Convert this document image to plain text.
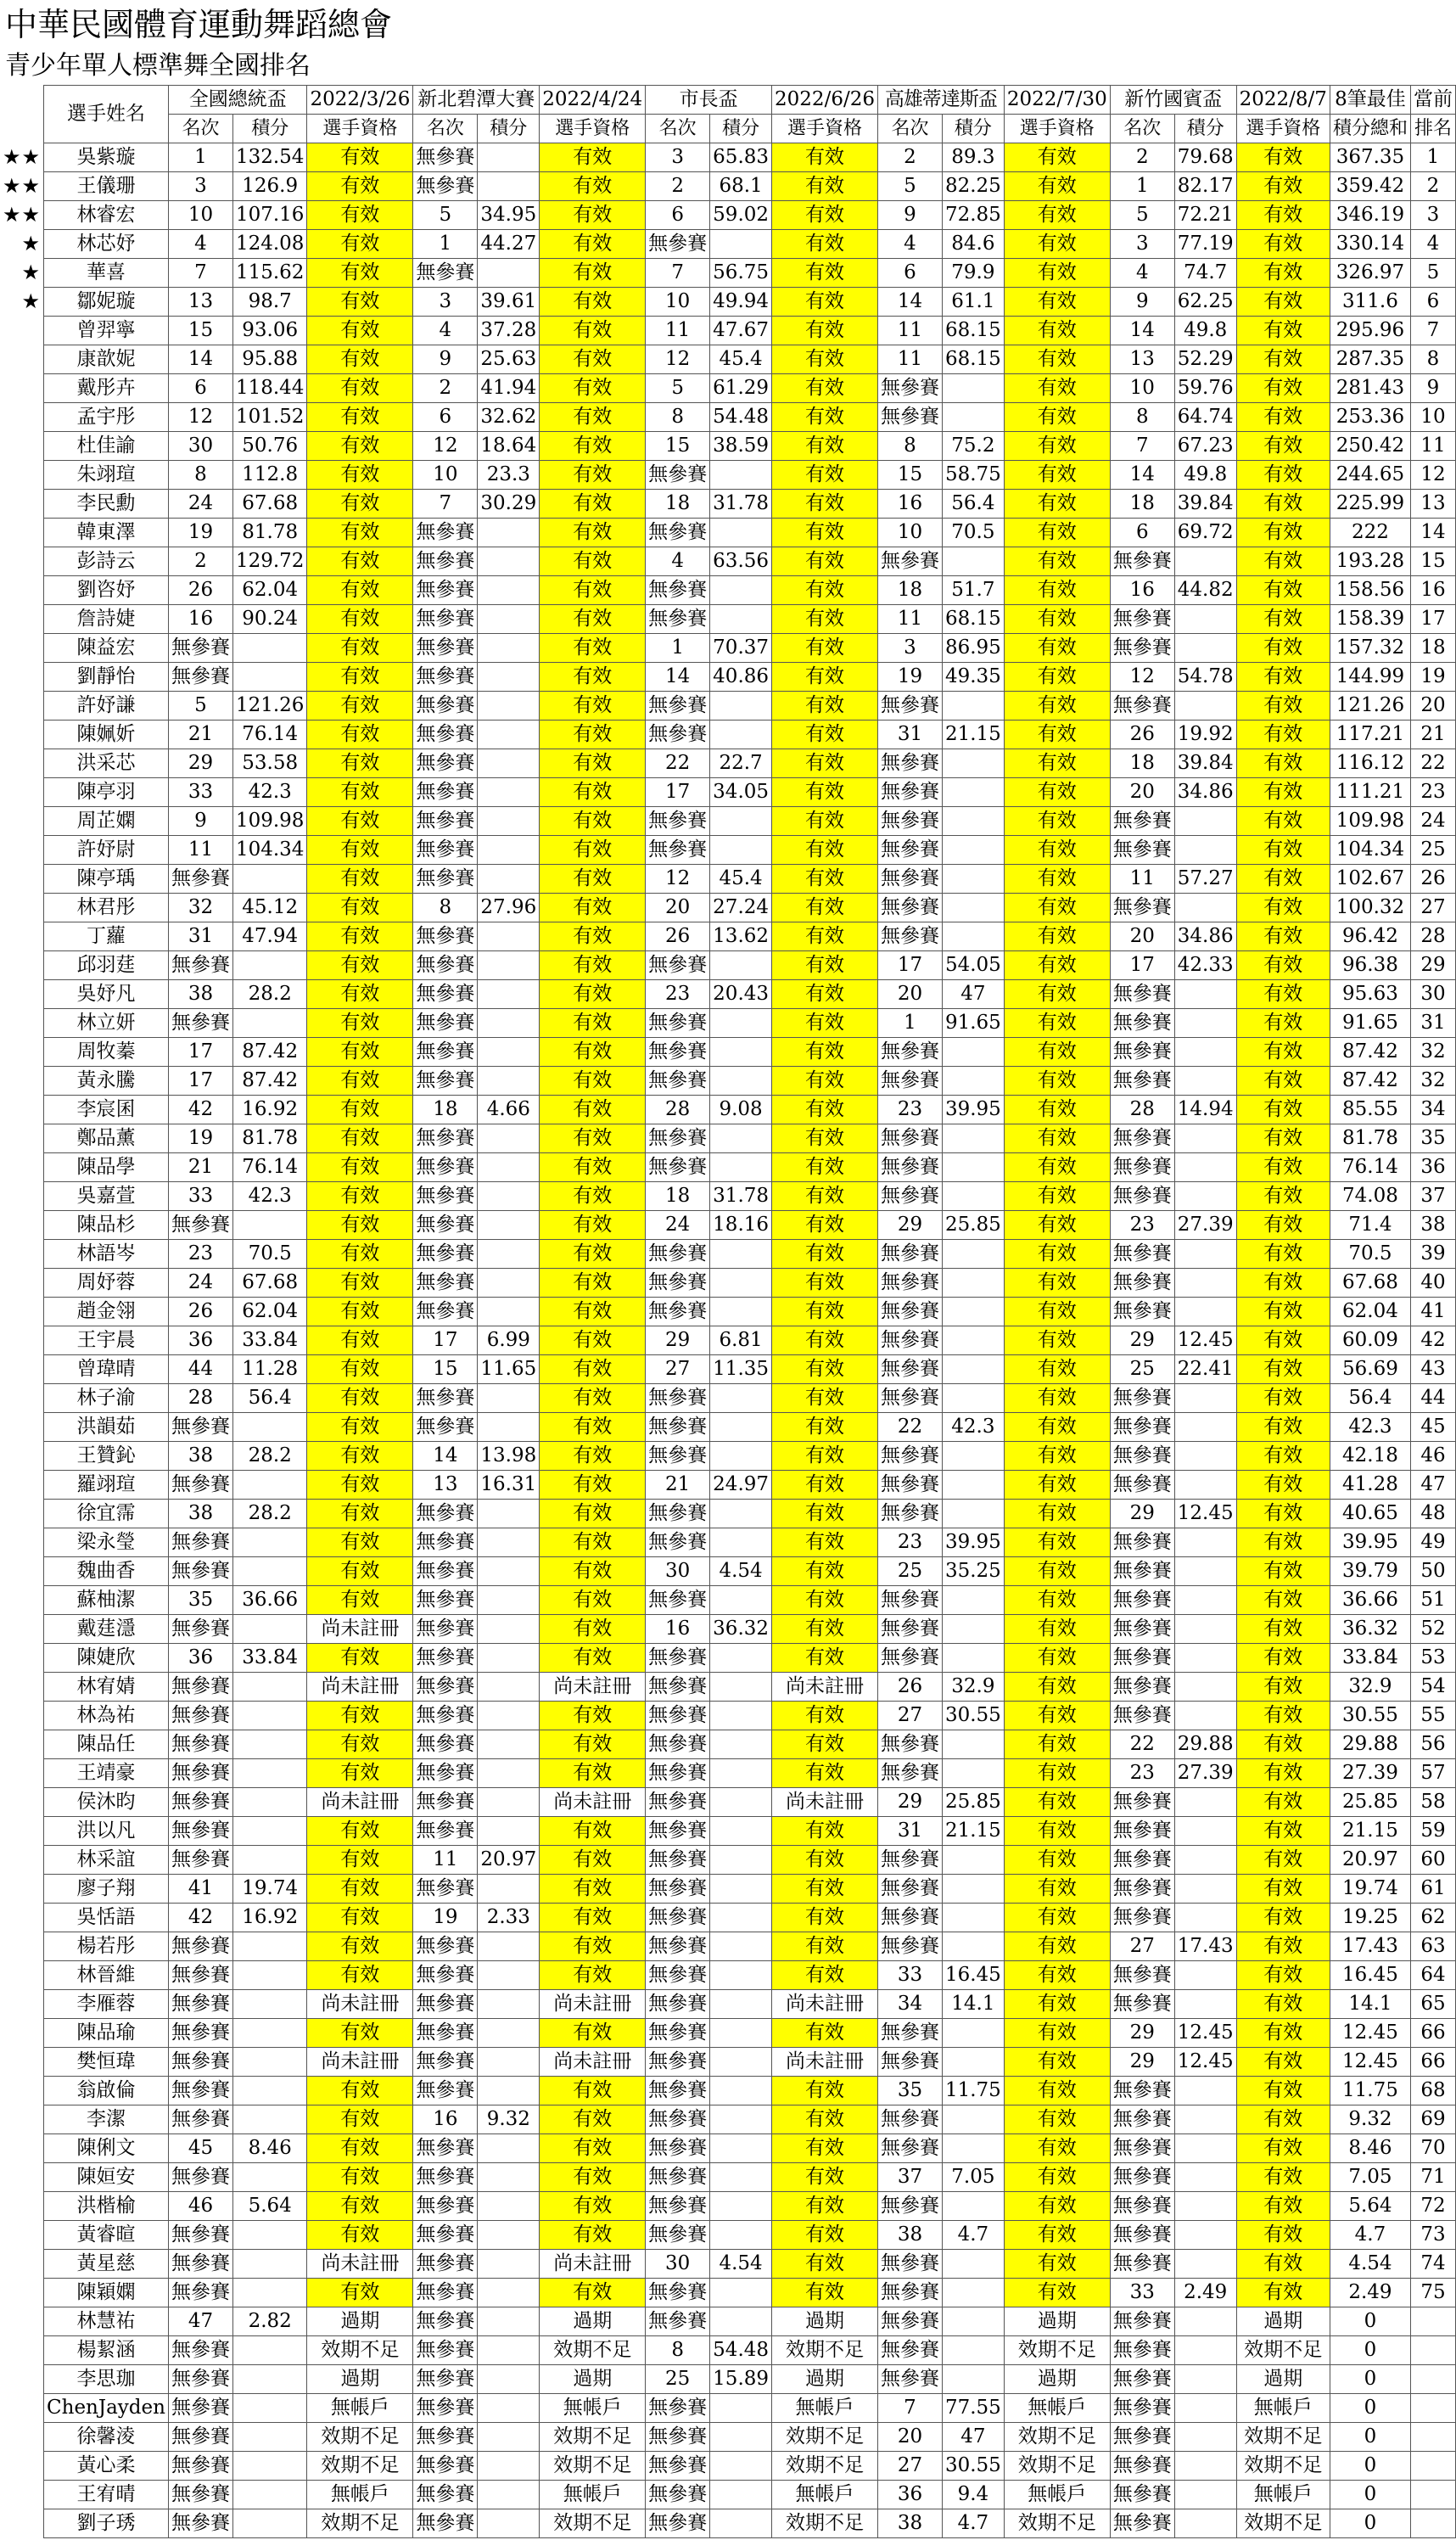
中華民國體育運動舞蹈總會
青少年單人標準舞全國排名
	選手姓名	全國總統盃		2022/3/26	新北碧潭大賽		2022/4/24	市長盃		2022/6/26	高雄蒂達斯盃		2022/7/30	新竹國賓盃		2022/8/7	8筆最佳	當前
		名次	積分	選手資格	名次	積分	選手資格	名次	積分	選手資格	名次	積分	選手資格	名次	積分	選手資格	積分總和	排名
★★	吳紫璇	1	132.54	有效	無參賽		有效	3	65.83	有效	2	89.3	有效	2	79.68	有效	367.35	1
★★	王儀珊	3	126.9	有效	無參賽		有效	2	68.1	有效	5	82.25	有效	1	82.17	有效	359.42	2
★★	林睿宏	10	107.16	有效	5	34.95	有效	6	59.02	有效	9	72.85	有效	5	72.21	有效	346.19	3
★	林芯妤	4	124.08	有效	1	44.27	有效	無參賽		有效	4	84.6	有效	3	77.19	有效	330.14	4
★	華喜	7	115.62	有效	無參賽		有效	7	56.75	有效	6	79.9	有效	4	74.7	有效	326.97	5
★	鄒妮璇	13	98.7	有效	3	39.61	有效	10	49.94	有效	14	61.1	有效	9	62.25	有效	311.6	6
	曾羿寧	15	93.06	有效	4	37.28	有效	11	47.67	有效	11	68.15	有效	14	49.8	有效	295.96	7
	康歆妮	14	95.88	有效	9	25.63	有效	12	45.4	有效	11	68.15	有效	13	52.29	有效	287.35	8
	戴彤卉	6	118.44	有效	2	41.94	有效	5	61.29	有效	無參賽		有效	10	59.76	有效	281.43	9
	孟宇彤	12	101.52	有效	6	32.62	有效	8	54.48	有效	無參賽		有效	8	64.74	有效	253.36	10
	杜佳諭	30	50.76	有效	12	18.64	有效	15	38.59	有效	8	75.2	有效	7	67.23	有效	250.42	11
	朱翊瑄	8	112.8	有效	10	23.3	有效	無參賽		有效	15	58.75	有效	14	49.8	有效	244.65	12
	李民勳	24	67.68	有效	7	30.29	有效	18	31.78	有效	16	56.4	有效	18	39.84	有效	225.99	13
	韓東澤	19	81.78	有效	無參賽		有效	無參賽		有效	10	70.5	有效	6	69.72	有效	222	14
	彭詩云	2	129.72	有效	無參賽		有效	4	63.56	有效	無參賽		有效	無參賽		有效	193.28	15
	劉咨妤	26	62.04	有效	無參賽		有效	無參賽		有效	18	51.7	有效	16	44.82	有效	158.56	16
	詹詩婕	16	90.24	有效	無參賽		有效	無參賽		有效	11	68.15	有效	無參賽		有效	158.39	17
	陳益宏	無參賽		有效	無參賽		有效	1	70.37	有效	3	86.95	有效	無參賽		有效	157.32	18
	劉靜怡	無參賽		有效	無參賽		有效	14	40.86	有效	19	49.35	有效	12	54.78	有效	144.99	19
	許妤謙	5	121.26	有效	無參賽		有效	無參賽		有效	無參賽		有效	無參賽		有效	121.26	20
	陳姵妡	21	76.14	有效	無參賽		有效	無參賽		有效	31	21.15	有效	26	19.92	有效	117.21	21
	洪采芯	29	53.58	有效	無參賽		有效	22	22.7	有效	無參賽		有效	18	39.84	有效	116.12	22
	陳亭羽	33	42.3	有效	無參賽		有效	17	34.05	有效	無參賽		有效	20	34.86	有效	111.21	23
	周芷嫻	9	109.98	有效	無參賽		有效	無參賽		有效	無參賽		有效	無參賽		有效	109.98	24
	許妤尉	11	104.34	有效	無參賽		有效	無參賽		有效	無參賽		有效	無參賽		有效	104.34	25
	陳亭瑀	無參賽		有效	無參賽		有效	12	45.4	有效	無參賽		有效	11	57.27	有效	102.67	26
	林君彤	32	45.12	有效	8	27.96	有效	20	27.24	有效	無參賽		有效	無參賽		有效	100.32	27
	丁蘿	31	47.94	有效	無參賽		有效	26	13.62	有效	無參賽		有效	20	34.86	有效	96.42	28
	邱羽莛	無參賽		有效	無參賽		有效	無參賽		有效	17	54.05	有效	17	42.33	有效	96.38	29
	吳妤凡	38	28.2	有效	無參賽		有效	23	20.43	有效	20	47	有效	無參賽		有效	95.63	30
	林立妍	無參賽		有效	無參賽		有效	無參賽		有效	1	91.65	有效	無參賽		有效	91.65	31
	周牧蓁	17	87.42	有效	無參賽		有效	無參賽		有效	無參賽		有效	無參賽		有效	87.42	32
	黃永騰	17	87.42	有效	無參賽		有效	無參賽		有效	無參賽		有效	無參賽		有效	87.42	32
	李宸囷	42	16.92	有效	18	4.66	有效	28	9.08	有效	23	39.95	有效	28	14.94	有效	85.55	34
	鄭品薰	19	81.78	有效	無參賽		有效	無參賽		有效	無參賽		有效	無參賽		有效	81.78	35
	陳品學	21	76.14	有效	無參賽		有效	無參賽		有效	無參賽		有效	無參賽		有效	76.14	36
	吳嘉萱	33	42.3	有效	無參賽		有效	18	31.78	有效	無參賽		有效	無參賽		有效	74.08	37
	陳品杉	無參賽		有效	無參賽		有效	24	18.16	有效	29	25.85	有效	23	27.39	有效	71.4	38
	林語岑	23	70.5	有效	無參賽		有效	無參賽		有效	無參賽		有效	無參賽		有效	70.5	39
	周妤蓉	24	67.68	有效	無參賽		有效	無參賽		有效	無參賽		有效	無參賽		有效	67.68	40
	趙金翎	26	62.04	有效	無參賽		有效	無參賽		有效	無參賽		有效	無參賽		有效	62.04	41
	王宇晨	36	33.84	有效	17	6.99	有效	29	6.81	有效	無參賽		有效	29	12.45	有效	60.09	42
	曾瑋晴	44	11.28	有效	15	11.65	有效	27	11.35	有效	無參賽		有效	25	22.41	有效	56.69	43
	林子渝	28	56.4	有效	無參賽		有效	無參賽		有效	無參賽		有效	無參賽		有效	56.4	44
	洪韻茹	無參賽		有效	無參賽		有效	無參賽		有效	22	42.3	有效	無參賽		有效	42.3	45
	王贊鈊	38	28.2	有效	14	13.98	有效	無參賽		有效	無參賽		有效	無參賽		有效	42.18	46
	羅翊瑄	無參賽		有效	13	16.31	有效	21	24.97	有效	無參賽		有效	無參賽		有效	41.28	47
	徐宜霈	38	28.2	有效	無參賽		有效	無參賽		有效	無參賽		有效	29	12.45	有效	40.65	48
	梁永瑩	無參賽		有效	無參賽		有效	無參賽		有效	23	39.95	有效	無參賽		有效	39.95	49
	魏曲香	無參賽		有效	無參賽		有效	30	4.54	有效	25	35.25	有效	無參賽		有效	39.79	50
	蘇柚潔	35	36.66	有效	無參賽		有效	無參賽		有效	無參賽		有效	無參賽		有效	36.66	51
	戴莛濦	無參賽		尚未註冊	無參賽		有效	16	36.32	有效	無參賽		有效	無參賽		有效	36.32	52
	陳婕欣	36	33.84	有效	無參賽		有效	無參賽		有效	無參賽		有效	無參賽		有效	33.84	53
	林宥婧	無參賽		尚未註冊	無參賽		尚未註冊	無參賽		尚未註冊	26	32.9	有效	無參賽		有效	32.9	54
	林為祐	無參賽		有效	無參賽		有效	無參賽		有效	27	30.55	有效	無參賽		有效	30.55	55
	陳品任	無參賽		有效	無參賽		有效	無參賽		有效	無參賽		有效	22	29.88	有效	29.88	56
	王靖豪	無參賽		有效	無參賽		有效	無參賽		有效	無參賽		有效	23	27.39	有效	27.39	57
	侯沐昀	無參賽		尚未註冊	無參賽		尚未註冊	無參賽		尚未註冊	29	25.85	有效	無參賽		有效	25.85	58
	洪以凡	無參賽		有效	無參賽		有效	無參賽		有效	31	21.15	有效	無參賽		有效	21.15	59
	林采誼	無參賽		有效	11	20.97	有效	無參賽		有效	無參賽		有效	無參賽		有效	20.97	60
	廖子翔	41	19.74	有效	無參賽		有效	無參賽		有效	無參賽		有效	無參賽		有效	19.74	61
	吳恬語	42	16.92	有效	19	2.33	有效	無參賽		有效	無參賽		有效	無參賽		有效	19.25	62
	楊若彤	無參賽		有效	無參賽		有效	無參賽		有效	無參賽		有效	27	17.43	有效	17.43	63
	林晉維	無參賽		有效	無參賽		有效	無參賽		有效	33	16.45	有效	無參賽		有效	16.45	64
	李雁蓉	無參賽		尚未註冊	無參賽		尚未註冊	無參賽		尚未註冊	34	14.1	有效	無參賽		有效	14.1	65
	陳品瑜	無參賽		有效	無參賽		有效	無參賽		有效	無參賽		有效	29	12.45	有效	12.45	66
	樊恒瑋	無參賽		尚未註冊	無參賽		尚未註冊	無參賽		尚未註冊	無參賽		有效	29	12.45	有效	12.45	66
	翁啟倫	無參賽		有效	無參賽		有效	無參賽		有效	35	11.75	有效	無參賽		有效	11.75	68
	李潔	無參賽		有效	16	9.32	有效	無參賽		有效	無參賽		有效	無參賽		有效	9.32	69
	陳俐文	45	8.46	有效	無參賽		有效	無參賽		有效	無參賽		有效	無參賽		有效	8.46	70
	陳姮安	無參賽		有效	無參賽		有效	無參賽		有效	37	7.05	有效	無參賽		有效	7.05	71
	洪楷榆	46	5.64	有效	無參賽		有效	無參賽		有效	無參賽		有效	無參賽		有效	5.64	72
	黃睿暄	無參賽		有效	無參賽		有效	無參賽		有效	38	4.7	有效	無參賽		有效	4.7	73
	黃星慈	無參賽		尚未註冊	無參賽		尚未註冊	30	4.54	有效	無參賽		有效	無參賽		有效	4.54	74
	陳穎嫻	無參賽		有效	無參賽		有效	無參賽		有效	無參賽		有效	33	2.49	有效	2.49	75
	林慧祐	47	2.82	過期	無參賽		過期	無參賽		過期	無參賽		過期	無參賽		過期	0	
	楊絜涵	無參賽		效期不足	無參賽		效期不足	8	54.48	效期不足	無參賽		效期不足	無參賽		效期不足	0	
	李思珈	無參賽		過期	無參賽		過期	25	15.89	過期	無參賽		過期	無參賽		過期	0	
	ChenJayden	無參賽		無帳戶	無參賽		無帳戶	無參賽		無帳戶	7	77.55	無帳戶	無參賽		無帳戶	0	
	徐馨淩	無參賽		效期不足	無參賽		效期不足	無參賽		效期不足	20	47	效期不足	無參賽		效期不足	0	
	黃心柔	無參賽		效期不足	無參賽		效期不足	無參賽		效期不足	27	30.55	效期不足	無參賽		效期不足	0	
	王宥晴	無參賽		無帳戶	無參賽		無帳戶	無參賽		無帳戶	36	9.4	無帳戶	無參賽		無帳戶	0	
	劉子琇	無參賽		效期不足	無參賽		效期不足	無參賽		效期不足	38	4.7	效期不足	無參賽		效期不足	0	
